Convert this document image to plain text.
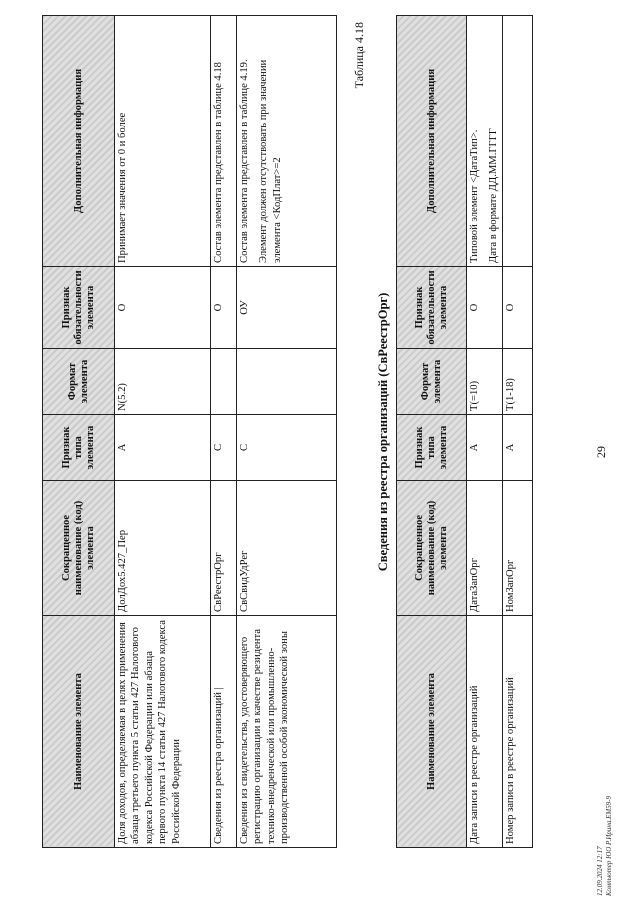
29
Наименование элемента	Сокращенное наименование (код) элемента	Признак типа элемента	Формат элемента	Признак обязательности элемента	Дополнительная информация
Доля доходов, определяемая в целях применения абзаца третьего пункта 5 статьи 427 Налогового кодекса Российской Федерации или абзаца первого пункта 14 статьи 427 Налогового кодекса Российской Федерации	ДолДох5.427_Пер	А	N(5.2)	О	Принимает значения от 0 и более

Сведения из реестра организаций |	СвРеестрОрг	С		О	Состав элемента представлен в таблице 4.18

Сведения из свидетельства, удостоверяющего регистрацию организации в качестве резидента технико-внедренческой или промышленно-производственной особой экономической зоны	СвСвидУдРег	С		ОУ	Состав элемента представлен в таблице 4.19. Элемент должен отсутствовать при значении элемента <КодПлат>=2
Таблица 4.18
Сведения из реестра организаций (СвРеестрОрг)
Наименование элемента	Сокращенное наименование (код) элемента	Признак типа элемента	Формат элемента	Признак обязательности элемента	Дополнительная информация
Дата записи в реестре организаций	ДатаЗапОрг	А	T(=10)	О	Типовой элемент <ДатаТип>. Дата в формате ДД.ММ.ГГГГ

Номер записи в реестре организаций	НомЗапОрг	А	T(1-18)	О	
12.09.2024 12:17 Компьютер ЮО Р.Ирина.ЕМ59-9
